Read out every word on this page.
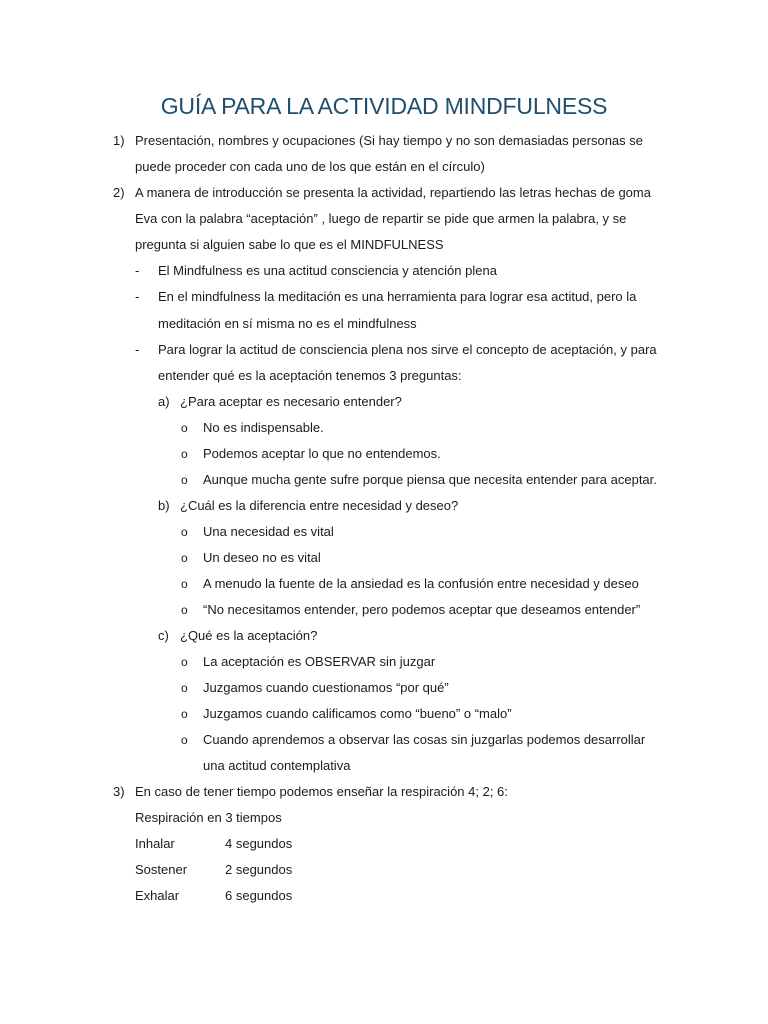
GUÍA PARA LA ACTIVIDAD MINDFULNESS
1) Presentación, nombres y ocupaciones (Si hay tiempo y no son demasiadas personas se
puede proceder con cada uno de los que están en el círculo)
2) A manera de introducción se presenta la actividad, repartiendo las letras hechas de goma
Eva con la palabra “aceptación” , luego de repartir se pide que armen la palabra, y se
pregunta si alguien sabe lo que es el MINDFULNESS
- El Mindfulness es una actitud consciencia y atención plena
- En el mindfulness la meditación es una herramienta para lograr esa actitud, pero la
meditación en sí misma no es el mindfulness
- Para lograr la actitud de consciencia plena nos sirve el concepto de aceptación, y para
entender qué es la aceptación tenemos 3 preguntas:
a) ¿Para aceptar es necesario entender?
o No es indispensable.
o Podemos aceptar lo que no entendemos.
o Aunque mucha gente sufre porque piensa que necesita entender para aceptar.
b) ¿Cuál es la diferencia entre necesidad y deseo?
o Una necesidad es vital
o Un deseo no es vital
o A menudo la fuente de la ansiedad es la confusión entre necesidad y deseo
o “No necesitamos entender, pero podemos aceptar que deseamos entender”
c) ¿Qué es la aceptación?
o La aceptación es OBSERVAR sin juzgar
o Juzgamos cuando cuestionamos “por qué”
o Juzgamos cuando calificamos como “bueno” o “malo”
o Cuando aprendemos a observar las cosas sin juzgarlas podemos desarrollar
una actitud contemplativa
3) En caso de tener tiempo podemos enseñar la respiración 4; 2; 6:
Respiración en 3 tiempos
Inhalar	4 segundos
Sostener	2 segundos
Exhalar	6 segundos
